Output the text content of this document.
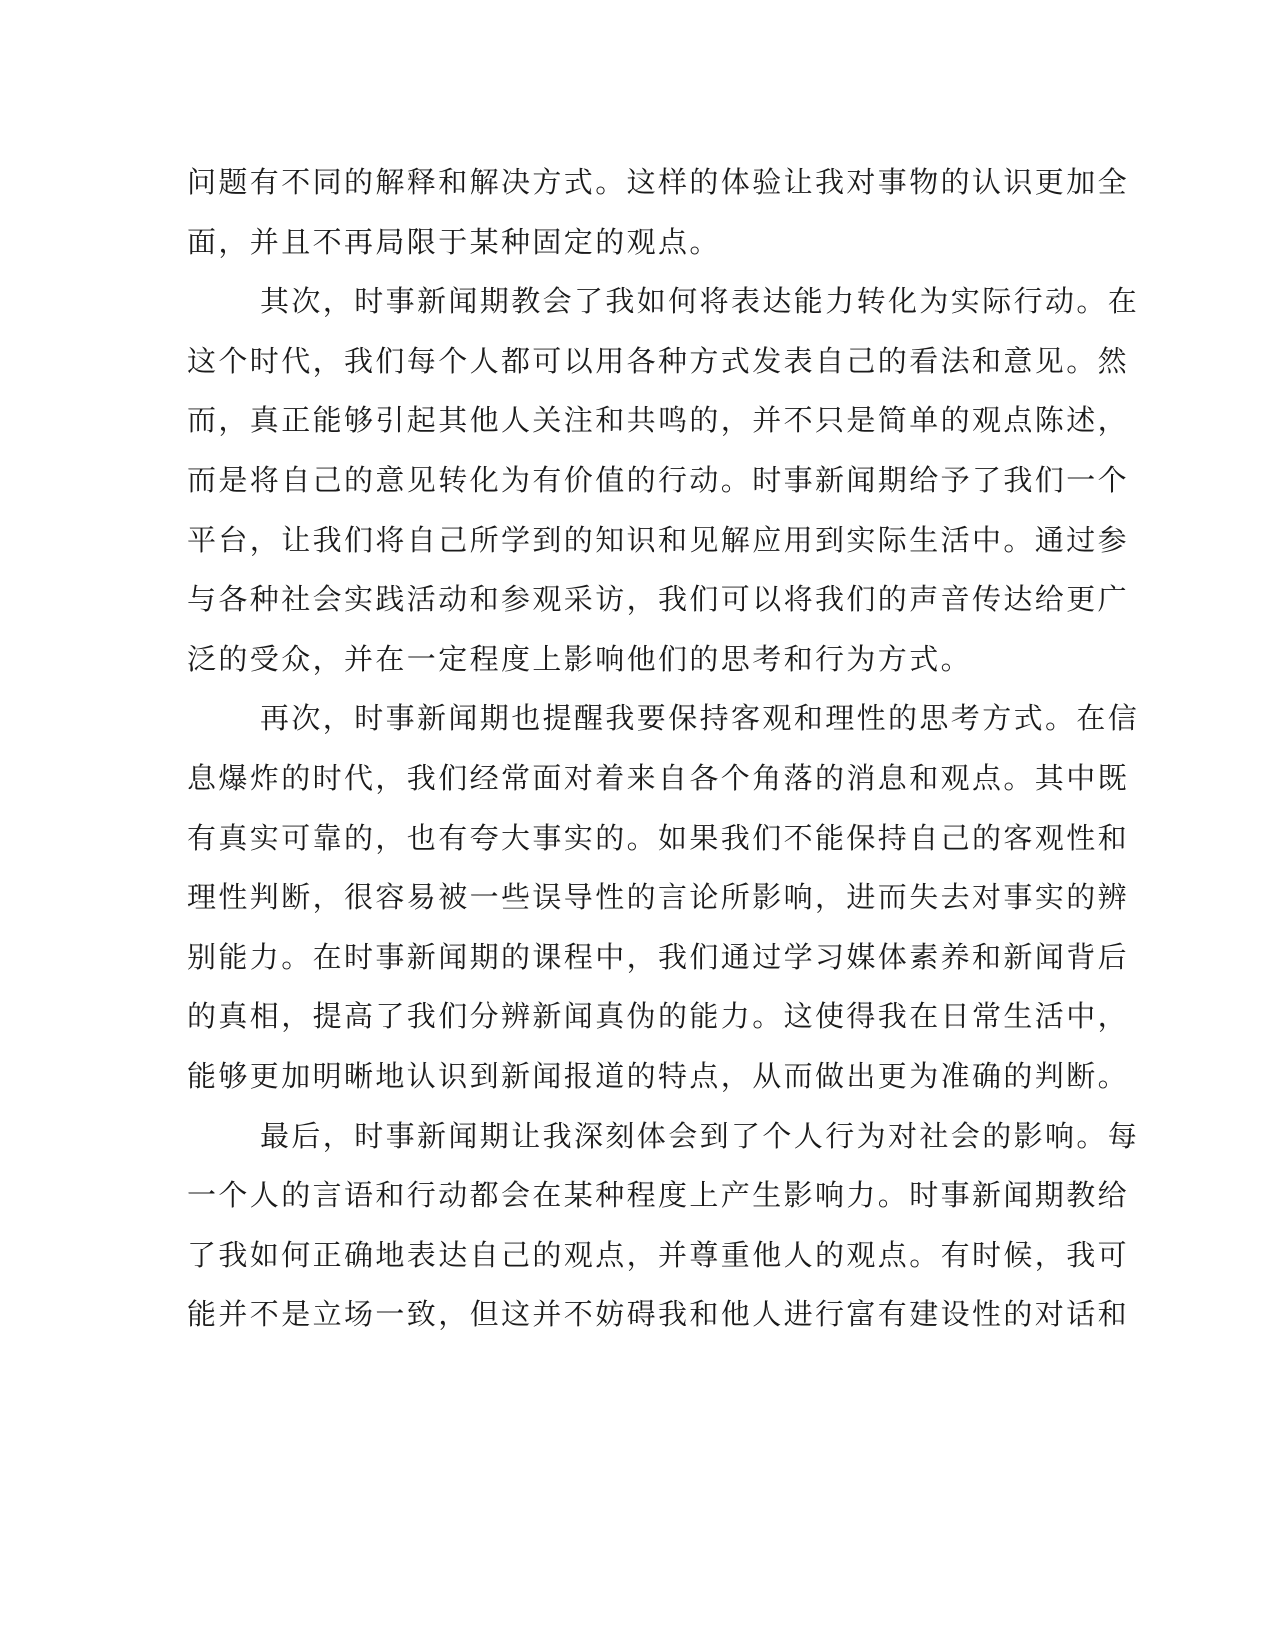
问题有不同的解释和解决方式。这样的体验让我对事物的认识更加全
面，并且不再局限于某种固定的观点。
其次，时事新闻期教会了我如何将表达能力转化为实际行动。在
这个时代，我们每个人都可以用各种方式发表自己的看法和意见。然
而，真正能够引起其他人关注和共鸣的，并不只是简单的观点陈述，
而是将自己的意见转化为有价值的行动。时事新闻期给予了我们一个
平台，让我们将自己所学到的知识和见解应用到实际生活中。通过参
与各种社会实践活动和参观采访，我们可以将我们的声音传达给更广
泛的受众，并在一定程度上影响他们的思考和行为方式。
再次，时事新闻期也提醒我要保持客观和理性的思考方式。在信
息爆炸的时代，我们经常面对着来自各个角落的消息和观点。其中既
有真实可靠的，也有夸大事实的。如果我们不能保持自己的客观性和
理性判断，很容易被一些误导性的言论所影响，进而失去对事实的辨
别能力。在时事新闻期的课程中，我们通过学习媒体素养和新闻背后
的真相，提高了我们分辨新闻真伪的能力。这使得我在日常生活中，
能够更加明晰地认识到新闻报道的特点，从而做出更为准确的判断。
最后，时事新闻期让我深刻体会到了个人行为对社会的影响。每
一个人的言语和行动都会在某种程度上产生影响力。时事新闻期教给
了我如何正确地表达自己的观点，并尊重他人的观点。有时候，我可
能并不是立场一致，但这并不妨碍我和他人进行富有建设性的对话和
